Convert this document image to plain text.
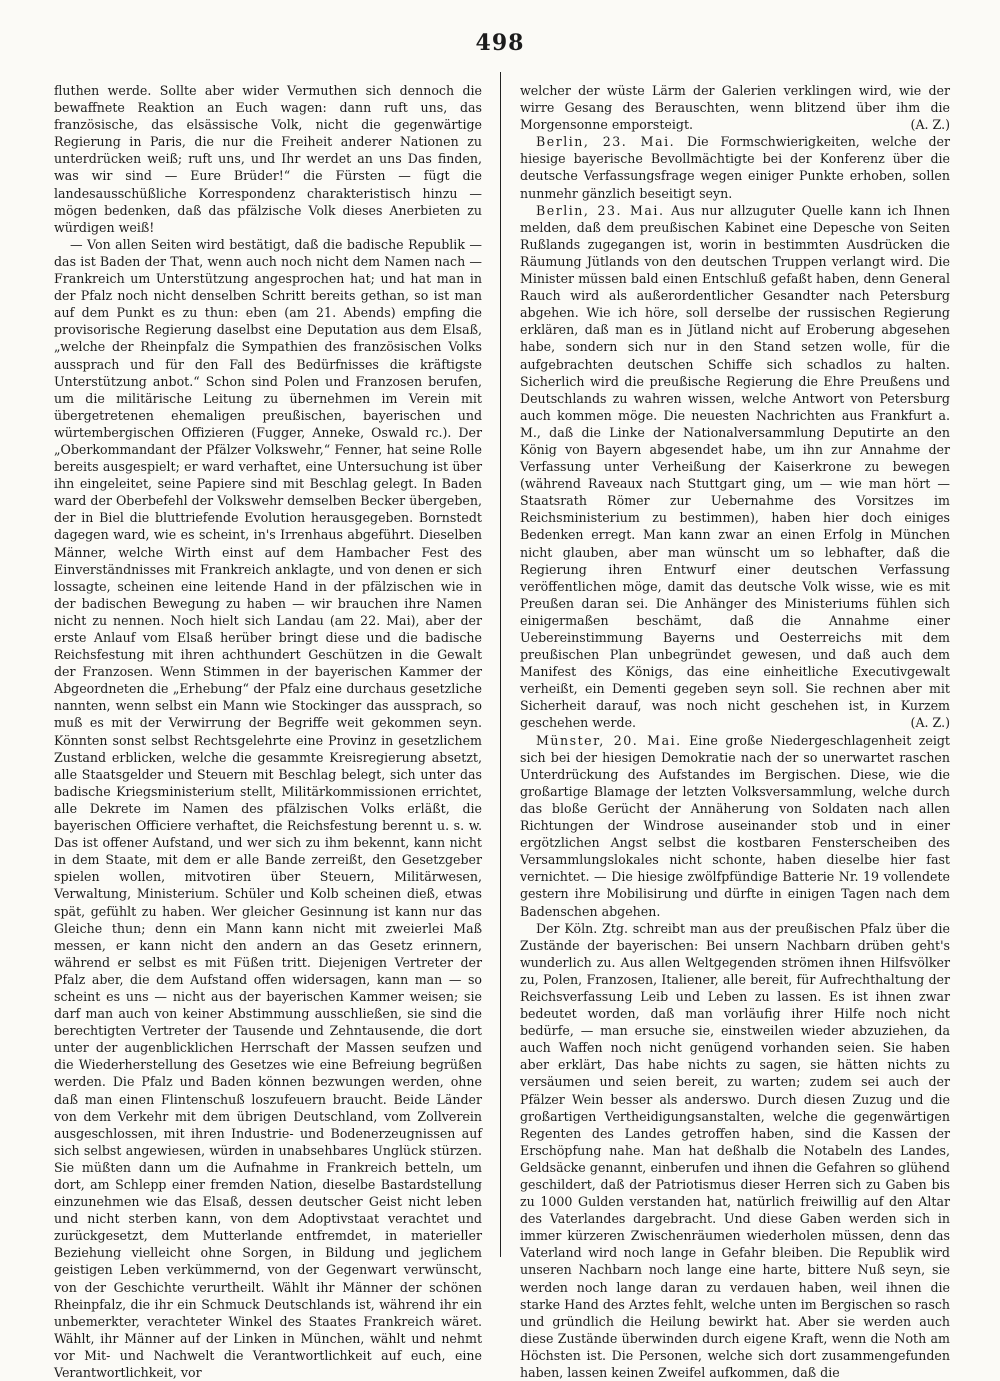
498

fluthen werde. Sollte aber wider Vermuthen sich dennoch die bewaffnete Reaktion an Euch wagen: dann ruft uns, das französische, das elsässische Volk, nicht die gegenwärtige Regierung in Paris, die nur die Freiheit anderer Nationen zu unterdrücken weiß; ruft uns, und Ihr werdet an uns Das finden, was wir sind — Eure Brüder!“ die Fürsten — fügt die landesausschüßliche Korrespondenz charakteristisch hinzu — mögen bedenken, daß das pfälzische Volk dieses Anerbieten zu würdigen weiß!

— Von allen Seiten wird bestätigt, daß die badische Republik — das ist Baden der That, wenn auch noch nicht dem Namen nach — Frankreich um Unterstützung angesprochen hat; und hat man in der Pfalz noch nicht denselben Schritt bereits gethan, so ist man auf dem Punkt es zu thun: eben (am 21. Abends) empfing die provisorische Regierung daselbst eine Deputation aus dem Elsaß, „welche der Rheinpfalz die Sympathien des französischen Volks aussprach und für den Fall des Bedürfnisses die kräftigste Unterstützung anbot.“ Schon sind Polen und Franzosen berufen, um die militärische Leitung zu übernehmen im Verein mit übergetretenen ehemaligen preußischen, bayerischen und würtembergischen Offizieren (Fugger, Anneke, Oswald rc.). Der „Oberkommandant der Pfälzer Volkswehr,“ Fenner, hat seine Rolle bereits ausgespielt; er ward verhaftet, eine Untersuchung ist über ihn eingeleitet, seine Papiere sind mit Beschlag gelegt. In Baden ward der Oberbefehl der Volkswehr demselben Becker übergeben, der in Biel die bluttriefende Evolution herausgegeben. Bornstedt dagegen ward, wie es scheint, in's Irrenhaus abgeführt. Dieselben Männer, welche Wirth einst auf dem Hambacher Fest des Einverständnisses mit Frankreich anklagte, und von denen er sich lossagte, scheinen eine leitende Hand in der pfälzischen wie in der badischen Bewegung zu haben — wir brauchen ihre Namen nicht zu nennen. Noch hielt sich Landau (am 22. Mai), aber der erste Anlauf vom Elsaß herüber bringt diese und die badische Reichsfestung mit ihren achthundert Geschützen in die Gewalt der Franzosen. Wenn Stimmen in der bayerischen Kammer der Abgeordneten die „Erhebung“ der Pfalz eine durchaus gesetzliche nannten, wenn selbst ein Mann wie Stockinger das aussprach, so muß es mit der Verwirrung der Begriffe weit gekommen seyn. Könnten sonst selbst Rechtsgelehrte eine Provinz in gesetzlichem Zustand erblicken, welche die gesammte Kreisregierung absetzt, alle Staatsgelder und Steuern mit Beschlag belegt, sich unter das badische Kriegsministerium stellt, Militärkommissionen errichtet, alle Dekrete im Namen des pfälzischen Volks erläßt, die bayerischen Officiere verhaftet, die Reichsfestung berennt u. s. w. Das ist offener Aufstand, und wer sich zu ihm bekennt, kann nicht in dem Staate, mit dem er alle Bande zerreißt, den Gesetzgeber spielen wollen, mitvotiren über Steuern, Militärwesen, Verwaltung, Ministerium. Schüler und Kolb scheinen dieß, etwas spät, gefühlt zu haben. Wer gleicher Gesinnung ist kann nur das Gleiche thun; denn ein Mann kann nicht mit zweierlei Maß messen, er kann nicht den andern an das Gesetz erinnern, während er selbst es mit Füßen tritt. Diejenigen Vertreter der Pfalz aber, die dem Aufstand offen widersagen, kann man — so scheint es uns — nicht aus der bayerischen Kammer weisen; sie darf man auch von keiner Abstimmung ausschließen, sie sind die berechtigten Vertreter der Tausende und Zehntausende, die dort unter der augenblicklichen Herrschaft der Massen seufzen und die Wiederherstellung des Gesetzes wie eine Befreiung begrüßen werden. Die Pfalz und Baden können bezwungen werden, ohne daß man einen Flintenschuß loszufeuern braucht. Beide Länder von dem Verkehr mit dem übrigen Deutschland, vom Zollverein ausgeschlossen, mit ihren Industrie- und Bodenerzeugnissen auf sich selbst angewiesen, würden in unabsehbares Unglück stürzen. Sie müßten dann um die Aufnahme in Frankreich betteln, um dort, am Schlepp einer fremden Nation, dieselbe Bastardstellung einzunehmen wie das Elsaß, dessen deutscher Geist nicht leben und nicht sterben kann, von dem Adoptivstaat verachtet und zurückgesetzt, dem Mutterlande entfremdet, in materieller Beziehung vielleicht ohne Sorgen, in Bildung und jeglichem geistigen Leben verkümmernd, von der Gegenwart verwünscht, von der Geschichte verurtheilt. Wählt ihr Männer der schönen Rheinpfalz, die ihr ein Schmuck Deutschlands ist, während ihr ein unbemerkter, verachteter Winkel des Staates Frankreich wäret. Wählt, ihr Männer auf der Linken in München, wählt und nehmt vor Mit- und Nachwelt die Verantwortlichkeit auf euch, eine Verantwortlichkeit, vor

welcher der wüste Lärm der Galerien verklingen wird, wie der wirre Gesang des Berauschten, wenn blitzend über ihm die Morgensonne emporsteigt.	(A. Z.)

Berlin, 23. Mai. Die Formschwierigkeiten, welche der hiesige bayerische Bevollmächtigte bei der Konferenz über die deutsche Verfassungsfrage wegen einiger Punkte erhoben, sollen nunmehr gänzlich beseitigt seyn.

Berlin, 23. Mai. Aus nur allzuguter Quelle kann ich Ihnen melden, daß dem preußischen Kabinet eine Depesche von Seiten Rußlands zugegangen ist, worin in bestimmten Ausdrücken die Räumung Jütlands von den deutschen Truppen verlangt wird. Die Minister müssen bald einen Entschluß gefaßt haben, denn General Rauch wird als außerordentlicher Gesandter nach Petersburg abgehen. Wie ich höre, soll derselbe der russischen Regierung erklären, daß man es in Jütland nicht auf Eroberung abgesehen habe, sondern sich nur in den Stand setzen wolle, für die aufgebrachten deutschen Schiffe sich schadlos zu halten. Sicherlich wird die preußische Regierung die Ehre Preußens und Deutschlands zu wahren wissen, welche Antwort von Petersburg auch kommen möge. Die neuesten Nachrichten aus Frankfurt a. M., daß die Linke der Nationalversammlung Deputirte an den König von Bayern abgesendet habe, um ihn zur Annahme der Verfassung unter Verheißung der Kaiserkrone zu bewegen (während Raveaux nach Stuttgart ging, um — wie man hört — Staatsrath Römer zur Uebernahme des Vorsitzes im Reichsministerium zu bestimmen), haben hier doch einiges Bedenken erregt. Man kann zwar an einen Erfolg in München nicht glauben, aber man wünscht um so lebhafter, daß die Regierung ihren Entwurf einer deutschen Verfassung veröffentlichen möge, damit das deutsche Volk wisse, wie es mit Preußen daran sei. Die Anhänger des Ministeriums fühlen sich einigermaßen beschämt, daß die Annahme einer Uebereinstimmung Bayerns und Oesterreichs mit dem preußischen Plan unbegründet gewesen, und daß auch dem Manifest des Königs, das eine einheitliche Executivgewalt verheißt, ein Dementi gegeben seyn soll. Sie rechnen aber mit Sicherheit darauf, was noch nicht geschehen ist, in Kurzem geschehen werde.	(A. Z.)

Münster, 20. Mai. Eine große Niedergeschlagenheit zeigt sich bei der hiesigen Demokratie nach der so unerwartet raschen Unterdrückung des Aufstandes im Bergischen. Diese, wie die großartige Blamage der letzten Volksversammlung, welche durch das bloße Gerücht der Annäherung von Soldaten nach allen Richtungen der Windrose auseinander stob und in einer ergötzlichen Angst selbst die kostbaren Fensterscheiben des Versammlungslokales nicht schonte, haben dieselbe hier fast vernichtet. — Die hiesige zwölfpfündige Batterie Nr. 19 vollendete gestern ihre Mobilisirung und dürfte in einigen Tagen nach dem Badenschen abgehen.

Der Köln. Ztg. schreibt man aus der preußischen Pfalz über die Zustände der bayerischen: Bei unsern Nachbarn drüben geht's wunderlich zu. Aus allen Weltgegenden strömen ihnen Hilfsvölker zu, Polen, Franzosen, Italiener, alle bereit, für Aufrechthaltung der Reichsverfassung Leib und Leben zu lassen. Es ist ihnen zwar bedeutet worden, daß man vorläufig ihrer Hilfe noch nicht bedürfe, — man ersuche sie, einstweilen wieder abzuziehen, da auch Waffen noch nicht genügend vorhanden seien. Sie haben aber erklärt, Das habe nichts zu sagen, sie hätten nichts zu versäumen und seien bereit, zu warten; zudem sei auch der Pfälzer Wein besser als anderswo. Durch diesen Zuzug und die großartigen Vertheidigungsanstalten, welche die gegenwärtigen Regenten des Landes getroffen haben, sind die Kassen der Erschöpfung nahe. Man hat deßhalb die Notabeln des Landes, Geldsäcke genannt, einberufen und ihnen die Gefahren so glühend geschildert, daß der Patriotismus dieser Herren sich zu Gaben bis zu 1000 Gulden verstanden hat, natürlich freiwillig auf den Altar des Vaterlandes dargebracht. Und diese Gaben werden sich in immer kürzeren Zwischenräumen wiederholen müssen, denn das Vaterland wird noch lange in Gefahr bleiben. Die Republik wird unseren Nachbarn noch lange eine harte, bittere Nuß seyn, sie werden noch lange daran zu verdauen haben, weil ihnen die starke Hand des Arztes fehlt, welche unten im Bergischen so rasch und gründlich die Heilung bewirkt hat. Aber sie werden auch diese Zustände überwinden durch eigene Kraft, wenn die Noth am Höchsten ist. Die Personen, welche sich dort zusammengefunden haben, lassen keinen Zweifel aufkommen, daß die
